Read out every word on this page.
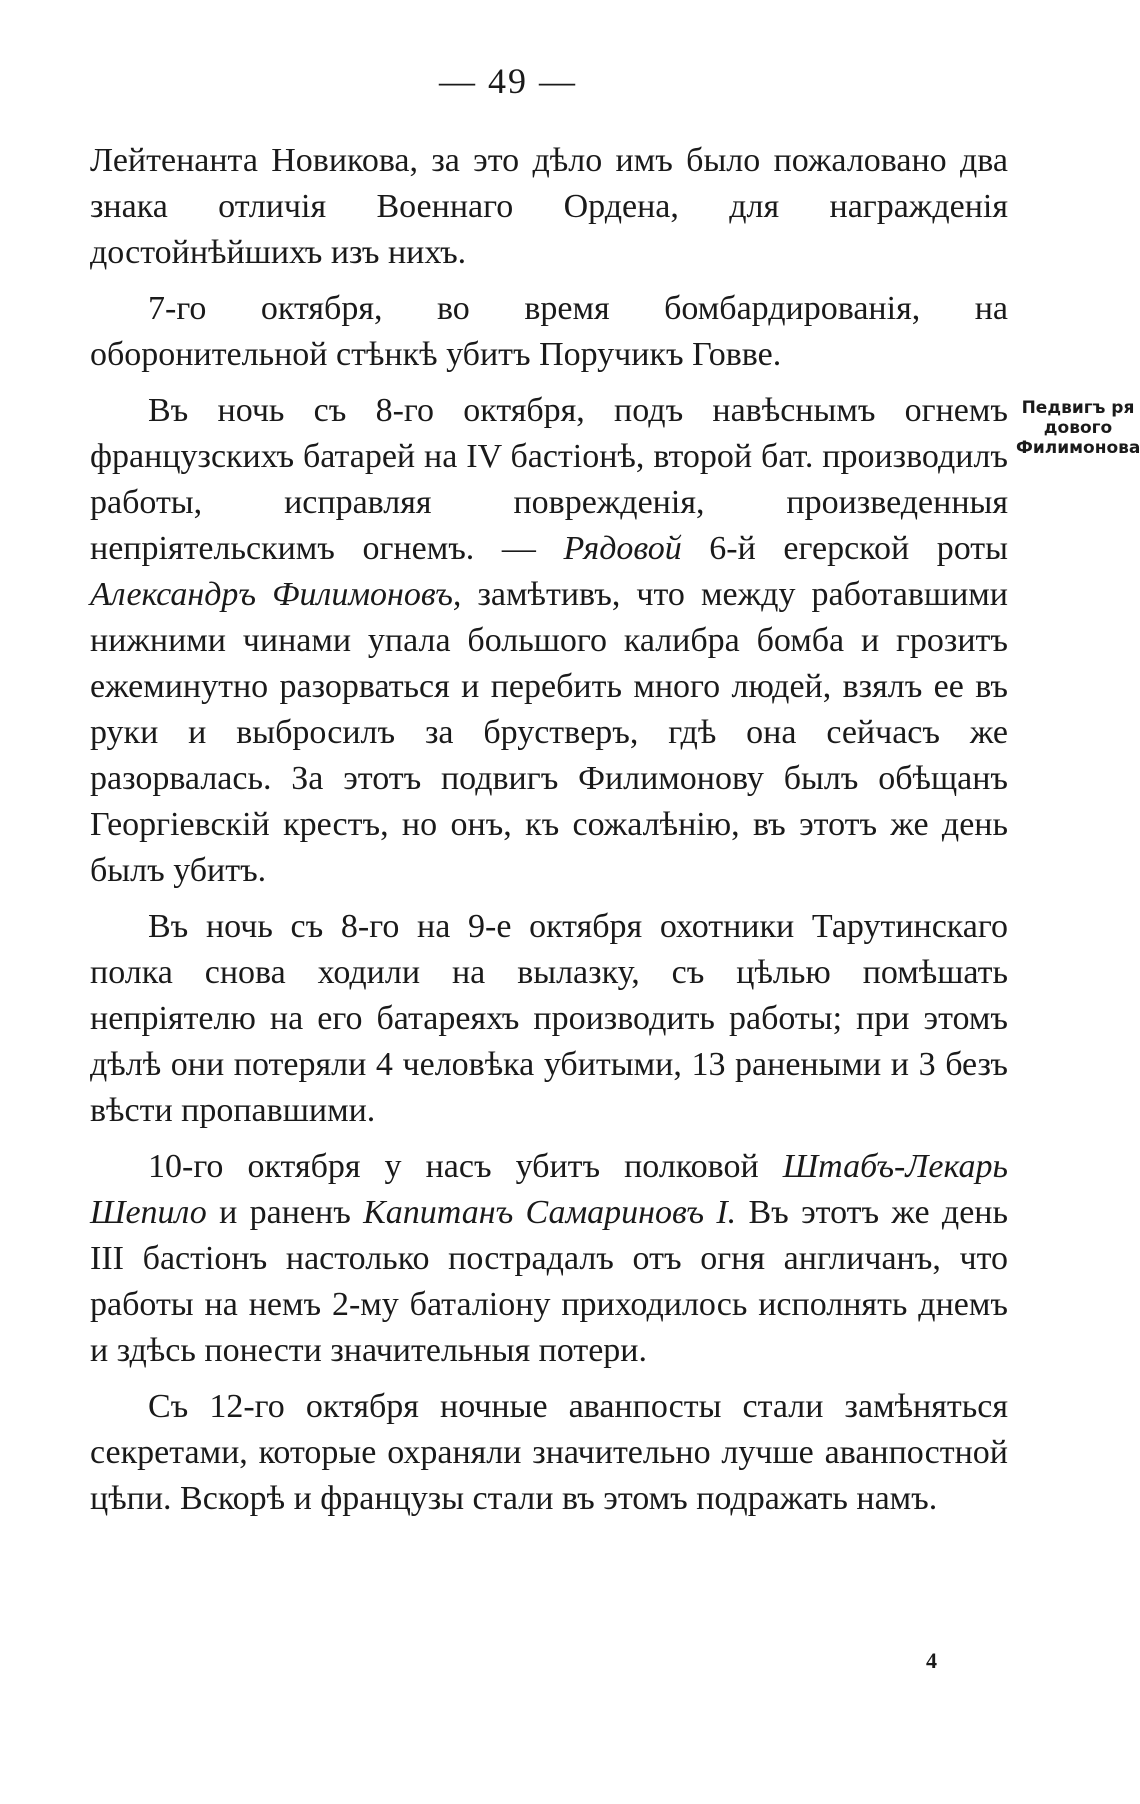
— 49 —

Лейтенанта Новикова, за это дѣло имъ было пожаловано два знака отличія Военнаго Ордена, для награжденія достойнѣйшихъ изъ нихъ.

7-го октября, во время бомбардированія, на оборонительной стѣнкѣ убитъ Поручикъ Говве.

Въ ночь съ 8-го октября, подъ навѣснымъ огнемъ французскихъ батарей на IV бастіонѣ, второй бат. производилъ работы, исправляя поврежденія, произведенныя непріятельскимъ огнемъ. — Рядовой 6-й егерской роты Александръ Филимоновъ, замѣтивъ, что между работавшими нижними чинами упала большого калибра бомба и грозитъ ежеминутно разорваться и перебить много людей, взялъ ее въ руки и выбросилъ за бруствeръ, гдѣ она сейчасъ же разорвалась. За этотъ подвигъ Филимонову былъ обѣщанъ Георгіевскій крестъ, но онъ, къ сожалѣнію, въ этотъ же день былъ убитъ.

Въ ночь съ 8-го на 9-е октября охотники Тарутинскаго полка снова ходили на вылазку, съ цѣлью помѣшать непріятелю на его батареяхъ производить работы; при этомъ дѣлѣ они потеряли 4 человѣка убитыми, 13 ранеными и 3 безъ вѣсти пропавшими.

10-го октября у насъ убитъ полковой Штабъ-Лекарь Шепило и раненъ Капитанъ Самариновъ I. Въ этотъ же день III бастіонъ настолько пострадалъ отъ огня англичанъ, что работы на немъ 2-му баталіону приходилось исполнять днемъ и здѣсь понести значительныя потери.

Съ 12-го октября ночные аванпосты стали замѣняться секретами, которые охраняли значительно лучше аванпостной цѣпи. Вскорѣ и французы стали въ этомъ подражать намъ.

Педвигъ ря
дового
Филимонова
4
